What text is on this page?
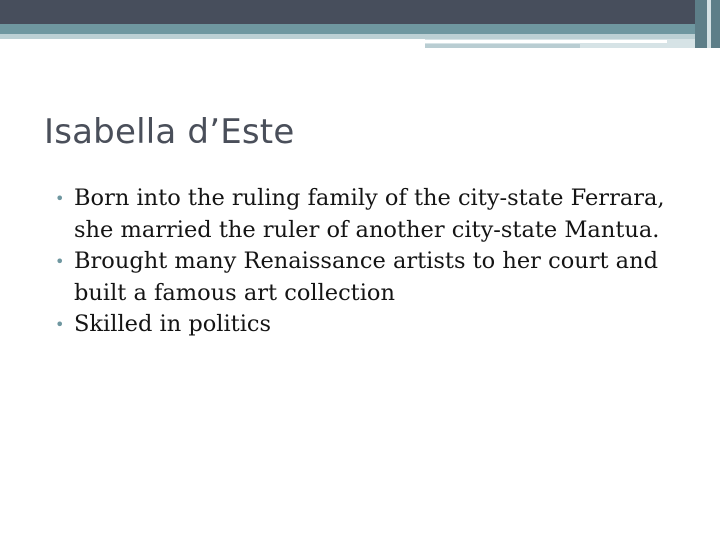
Isabella d’Este
• Born into the ruling family of the city-state Ferrara, she married the ruler of another city-state Mantua.
• Brought many Renaissance artists to her court and built a famous art collection
• Skilled in politics
